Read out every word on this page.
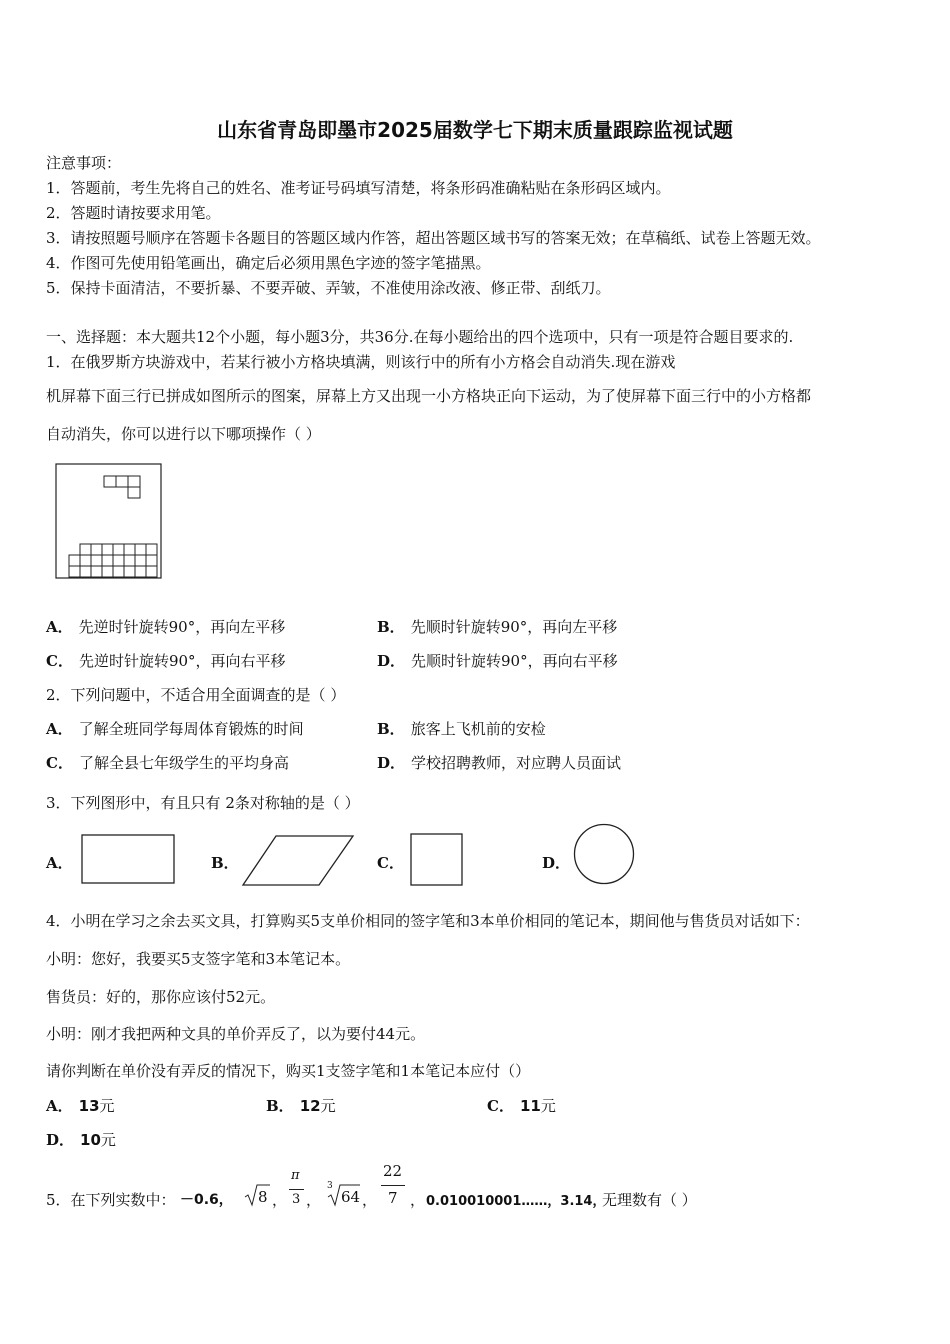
山东省青岛即墨市2025届数学七下期末质量跟踪监视试题
注意事项：
1．答题前，考生先将自己的姓名、准考证号码填写清楚，将条形码准确粘贴在条形码区域内。
2．答题时请按要求用笔。
3．请按照题号顺序在答题卡各题目的答题区域内作答，超出答题区域书写的答案无效；在草稿纸、试卷上答题无效。
4．作图可先使用铅笔画出，确定后必须用黑色字迹的签字笔描黑。
5．保持卡面清洁，不要折暴、不要弄破、弄皱，不准使用涂改液、修正带、刮纸刀。
一、选择题：本大题共12个小题，每小题3分，共36分.在每小题给出的四个选项中，只有一项是符合题目要求的.
1．在俄罗斯方块游戏中，若某行被小方格块填满，则该行中的所有小方格会自动消失.现在游戏
机屏幕下面三行已拼成如图所示的图案，屏幕上方又出现一小方格块正向下运动，为了使屏幕下面三行中的小方格都
自动消失，你可以进行以下哪项操作（ ）
A． 先逆时针旋转90°，再向左平移	B． 先顺时针旋转90°，再向左平移
C． 先逆时针旋转90°，再向右平移	D． 先顺时针旋转90°，再向右平移
2．下列问题中，不适合用全面调查的是（ ）
A． 了解全班同学每周体育锻炼的时间	B． 旅客上飞机前的安检
C． 了解全县七年级学生的平均身高	D． 学校招聘教师，对应聘人员面试
3．下列图形中，有且只有 2条对称轴的是（ ）
A．	B．	C．	D．
4．小明在学习之余去买文具，打算购买5支单价相同的签字笔和3本单价相同的笔记本，期间他与售货员对话如下：
小明：您好，我要买5支签字笔和3本笔记本。
售货员：好的，那你应该付52元。
小明：刚才我把两种文具的单价弄反了，以为要付44元。
请你判断在单价没有弄反的情况下，购买1支签字笔和1本笔记本应付（）
A． 13元	B． 12元	C． 11元
D． 10元
5．在下列实数中： －0.6， 8 ，
π
3 ，
3
64 ，
22
7 ， 0.010010001……，3.14，
无理数有（ ）
